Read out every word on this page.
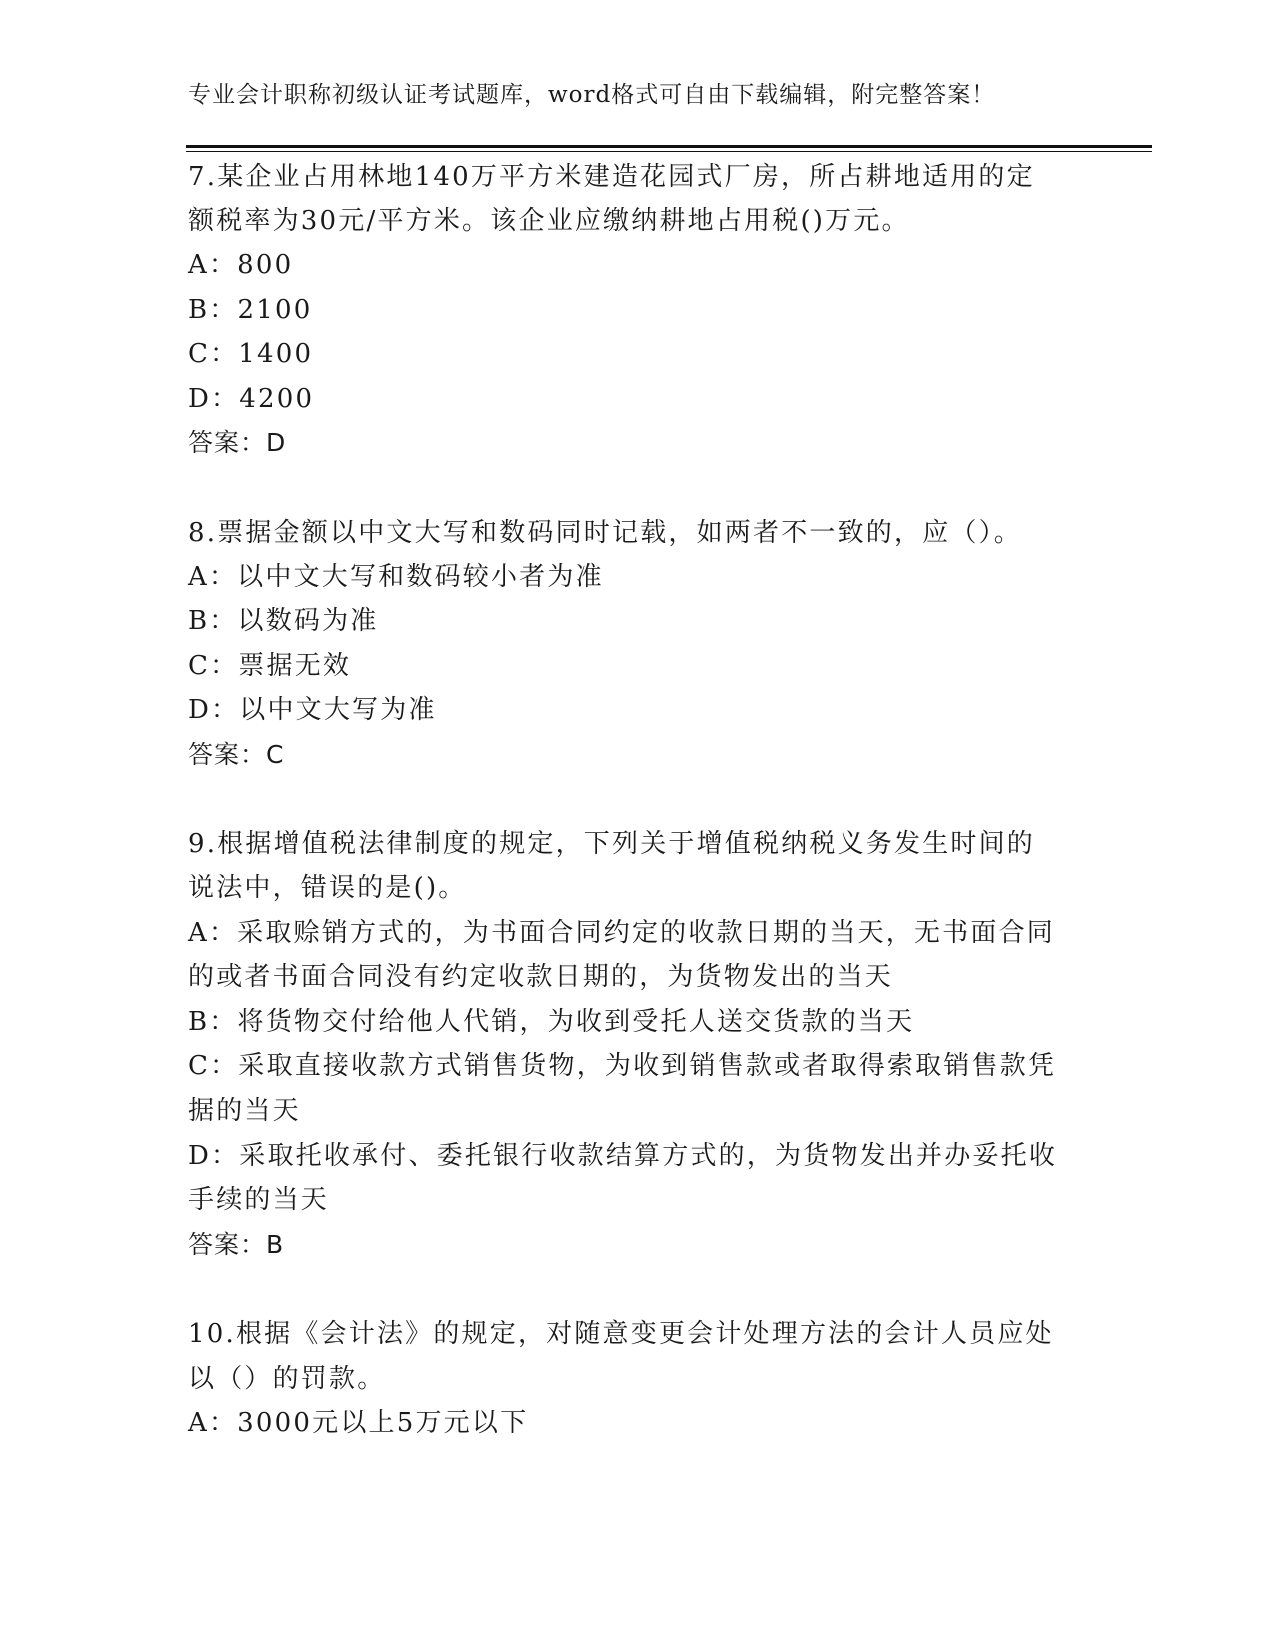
专业会计职称初级认证考试题库，word格式可自由下载编辑，附完整答案！
7.某企业占用林地140万平方米建造花园式厂房，所占耕地适用的定
额税率为30元/平方米。该企业应缴纳耕地占用税()万元。
A：800
B：2100
C：1400
D：4200
答案：D
8.票据金额以中文大写和数码同时记载，如两者不一致的，应（）。
A：以中文大写和数码较小者为准
B：以数码为准
C：票据无效
D：以中文大写为准
答案：C
9.根据增值税法律制度的规定，下列关于增值税纳税义务发生时间的
说法中，错误的是()。
A：采取赊销方式的，为书面合同约定的收款日期的当天，无书面合同
的或者书面合同没有约定收款日期的，为货物发出的当天
B：将货物交付给他人代销，为收到受托人送交货款的当天
C：采取直接收款方式销售货物，为收到销售款或者取得索取销售款凭
据的当天
D：采取托收承付、委托银行收款结算方式的，为货物发出并办妥托收
手续的当天
答案：B
10.根据《会计法》的规定，对随意变更会计处理方法的会计人员应处
以（）的罚款。
A：3000元以上5万元以下
